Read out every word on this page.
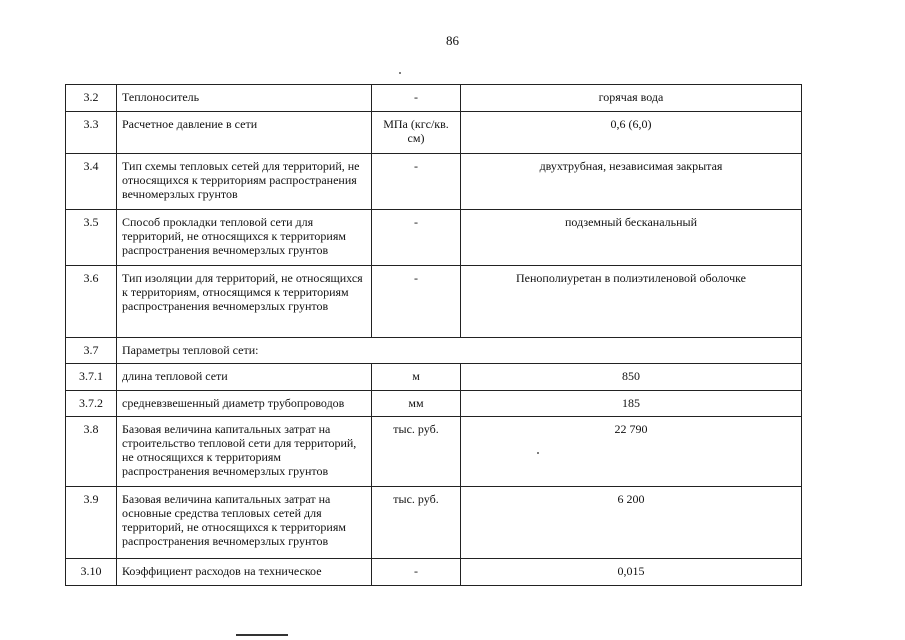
86
3.2	Теплоноситель	-	горячая вода
3.3	Расчетное давление в сети	МПа (кгс/кв. см)	0,6 (6,0)
3.4	Тип схемы тепловых сетей для территорий, не относящихся к территориям распространения вечномерзлых грунтов	-	двухтрубная, независимая закрытая
3.5	Способ прокладки тепловой сети для территорий, не относящихся к территориям распространения вечномерзлых грунтов	-	подземный бесканальный
3.6	Тип изоляции для территорий, не относящихся к территориям, относящимся к территориям распространения вечномерзлых грунтов	-	Пенополиуретан в полиэтиленовой оболочке
3.7	Параметры тепловой сети:		
3.7.1	длина тепловой сети	м	850
3.7.2	средневзвешенный диаметр трубопроводов	мм	185
3.8	Базовая величина капитальных затрат на строительство тепловой сети для территорий, не относящихся к территориям распространения вечномерзлых грунтов	тыс. руб.	22 790
3.9	Базовая величина капитальных затрат на основные средства тепловых сетей для территорий, не относящихся к территориям распространения вечномерзлых грунтов	тыс. руб.	6 200
3.10	Коэффициент расходов на техническое	-	0,015
